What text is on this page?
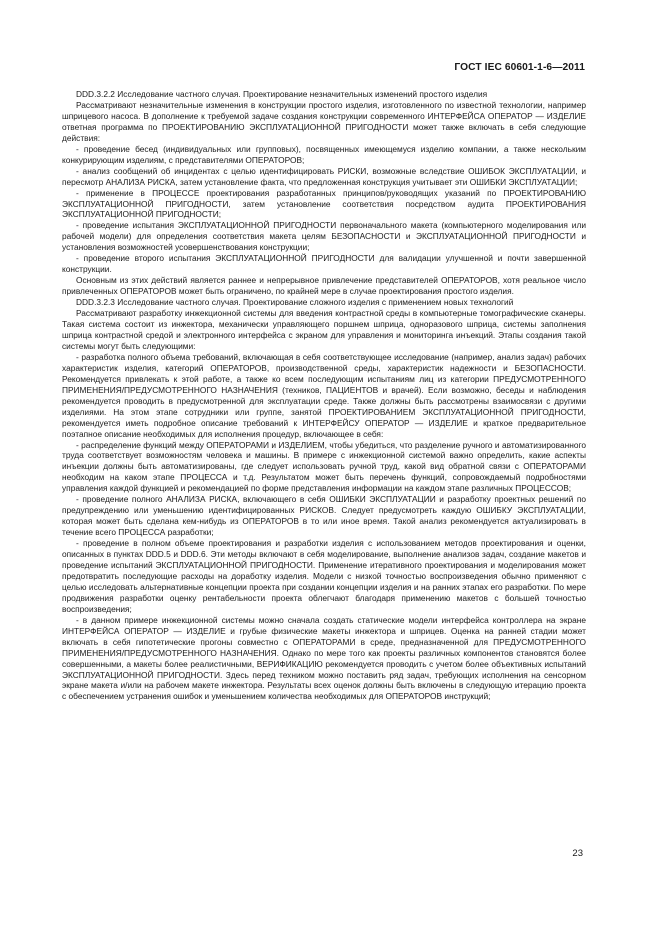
ГОСТ IEC 60601-1-6—2011

DDD.3.2.2 Исследование частного случая. Проектирование незначительных изменений простого изделия

Рассматривают незначительные изменения в конструкции простого изделия, изготовленного по известной технологии, например шприцевого насоса. В дополнение к требуемой задаче создания конструкции современного ИНТЕРФЕЙСА ОПЕРАТОР — ИЗДЕЛИЕ ответная программа по ПРОЕКТИРОВАНИЮ ЭКСПЛУАТАЦИОННОЙ ПРИГОДНОСТИ может также включать в себя следующие действия:

- проведение бесед (индивидуальных или групповых), посвященных имеющемуся изделию компании, а также нескольким конкурирующим изделиям, с представителями ОПЕРАТОРОВ;

- анализ сообщений об инцидентах с целью идентифицировать РИСКИ, возможные вследствие ОШИБОК ЭКСПЛУАТАЦИИ, и пересмотр АНАЛИЗА РИСКА, затем установление факта, что предложенная конструкция учитывает эти ОШИБКИ ЭКСПЛУАТАЦИИ;

- применение в ПРОЦЕССЕ проектирования разработанных принципов/руководящих указаний по ПРОЕКТИРОВАНИЮ ЭКСПЛУАТАЦИОННОЙ ПРИГОДНОСТИ, затем установление соответствия посредством аудита ПРОЕКТИРОВАНИЯ ЭКСПЛУАТАЦИОННОЙ ПРИГОДНОСТИ;

- проведение испытания ЭКСПЛУАТАЦИОННОЙ ПРИГОДНОСТИ первоначального макета (компьютерного моделирования или рабочей модели) для определения соответствия макета целям БЕЗОПАСНОСТИ и ЭКСПЛУАТАЦИОННОЙ ПРИГОДНОСТИ и установления возможностей усовершенствования конструкции;

- проведение второго испытания ЭКСПЛУАТАЦИОННОЙ ПРИГОДНОСТИ для валидации улучшенной и почти завершенной конструкции.

Основным из этих действий является раннее и непрерывное привлечение представителей ОПЕРАТОРОВ, хотя реальное число привлеченных ОПЕРАТОРОВ может быть ограничено, по крайней мере в случае проектирования простого изделия.

DDD.3.2.3 Исследование частного случая. Проектирование сложного изделия с применением новых технологий

Рассматривают разработку инжекционной системы для введения контрастной среды в компьютерные томографические сканеры. Такая система состоит из инжектора, механически управляющего поршнем шприца, одноразового шприца, системы заполнения шприца контрастной средой и электронного интерфейса с экраном для управления и мониторинга инъекций. Этапы создания такой системы могут быть следующими:

- разработка полного объема требований, включающая в себя соответствующее исследование (например, анализ задач) рабочих характеристик изделия, категорий ОПЕРАТОРОВ, производственной среды, характеристик надежности и БЕЗОПАСНОСТИ. Рекомендуется привлекать к этой работе, а также ко всем последующим испытаниям лиц из категории ПРЕДУСМОТРЕННОГО ПРИМЕНЕНИЯ/ПРЕДУСМОТРЕННОГО НАЗНАЧЕНИЯ (техников, ПАЦИЕНТОВ и врачей). Если возможно, беседы и наблюдения рекомендуется проводить в предусмотренной для эксплуатации среде. Также должны быть рассмотрены взаимосвязи с другими изделиями. На этом этапе сотрудники или группе, занятой ПРОЕКТИРОВАНИЕМ ЭКСПЛУАТАЦИОННОЙ ПРИГОДНОСТИ, рекомендуется иметь подробное описание требований к ИНТЕРФЕЙСУ ОПЕРАТОР — ИЗДЕЛИЕ и краткое предварительное поэтапное описание необходимых для исполнения процедур, включающее в себя:

- распределение функций между ОПЕРАТОРАМИ и ИЗДЕЛИЕМ, чтобы убедиться, что разделение ручного и автоматизированного труда соответствует возможностям человека и машины. В примере с инжекционной системой важно определить, какие аспекты инъекции должны быть автоматизированы, где следует использовать ручной труд, какой вид обратной связи с ОПЕРАТОРАМИ необходим на каком этапе ПРОЦЕССА и т.д. Результатом может быть перечень функций, сопровождаемый подробностями управления каждой функцией и рекомендацией по форме представления информации на каждом этапе различных ПРОЦЕССОВ;

- проведение полного АНАЛИЗА РИСКА, включающего в себя ОШИБКИ ЭКСПЛУАТАЦИИ и разработку проектных решений по предупреждению или уменьшению идентифицированных РИСКОВ. Следует предусмотреть каждую ОШИБКУ ЭКСПЛУАТАЦИИ, которая может быть сделана кем-нибудь из ОПЕРАТОРОВ в то или иное время. Такой анализ рекомендуется актуализировать в течение всего ПРОЦЕССА разработки;

- проведение в полном объеме проектирования и разработки изделия с использованием методов проектирования и оценки, описанных в пунктах DDD.5 и DDD.6. Эти методы включают в себя моделирование, выполнение анализов задач, создание макетов и проведение испытаний ЭКСПЛУАТАЦИОННОЙ ПРИГОДНОСТИ. Применение итеративного проектирования и моделирования может предотвратить последующие расходы на доработку изделия. Модели с низкой точностью воспроизведения обычно применяют с целью исследовать альтернативные концепции проекта при создании концепции изделия и на ранних этапах его разработки. По мере продвижения разработки оценку рентабельности проекта облегчают благодаря применению макетов с большей точностью воспроизведения;

- в данном примере инжекционной системы можно сначала создать статические модели интерфейса контроллера на экране ИНТЕРФЕЙСА ОПЕРАТОР — ИЗДЕЛИЕ и грубые физические макеты инжектора и шприцев. Оценка на ранней стадии может включать в себя гипотетические прогоны совместно с ОПЕРАТОРАМИ в среде, предназначенной для ПРЕДУСМОТРЕННОГО ПРИМЕНЕНИЯ/ПРЕДУСМОТРЕННОГО НАЗНАЧЕНИЯ. Однако по мере того как проекты различных компонентов становятся более совершенными, а макеты более реалистичными, ВЕРИФИКАЦИЮ рекомендуется проводить с учетом более объективных испытаний ЭКСПЛУАТАЦИОННОЙ ПРИГОДНОСТИ. Здесь перед техником можно поставить ряд задач, требующих исполнения на сенсорном экране макета и/или на рабочем макете инжектора. Результаты всех оценок должны быть включены в следующую итерацию проекта с обеспечением устранения ошибок и уменьшением количества необходимых для ОПЕРАТОРОВ инструкций;

23
